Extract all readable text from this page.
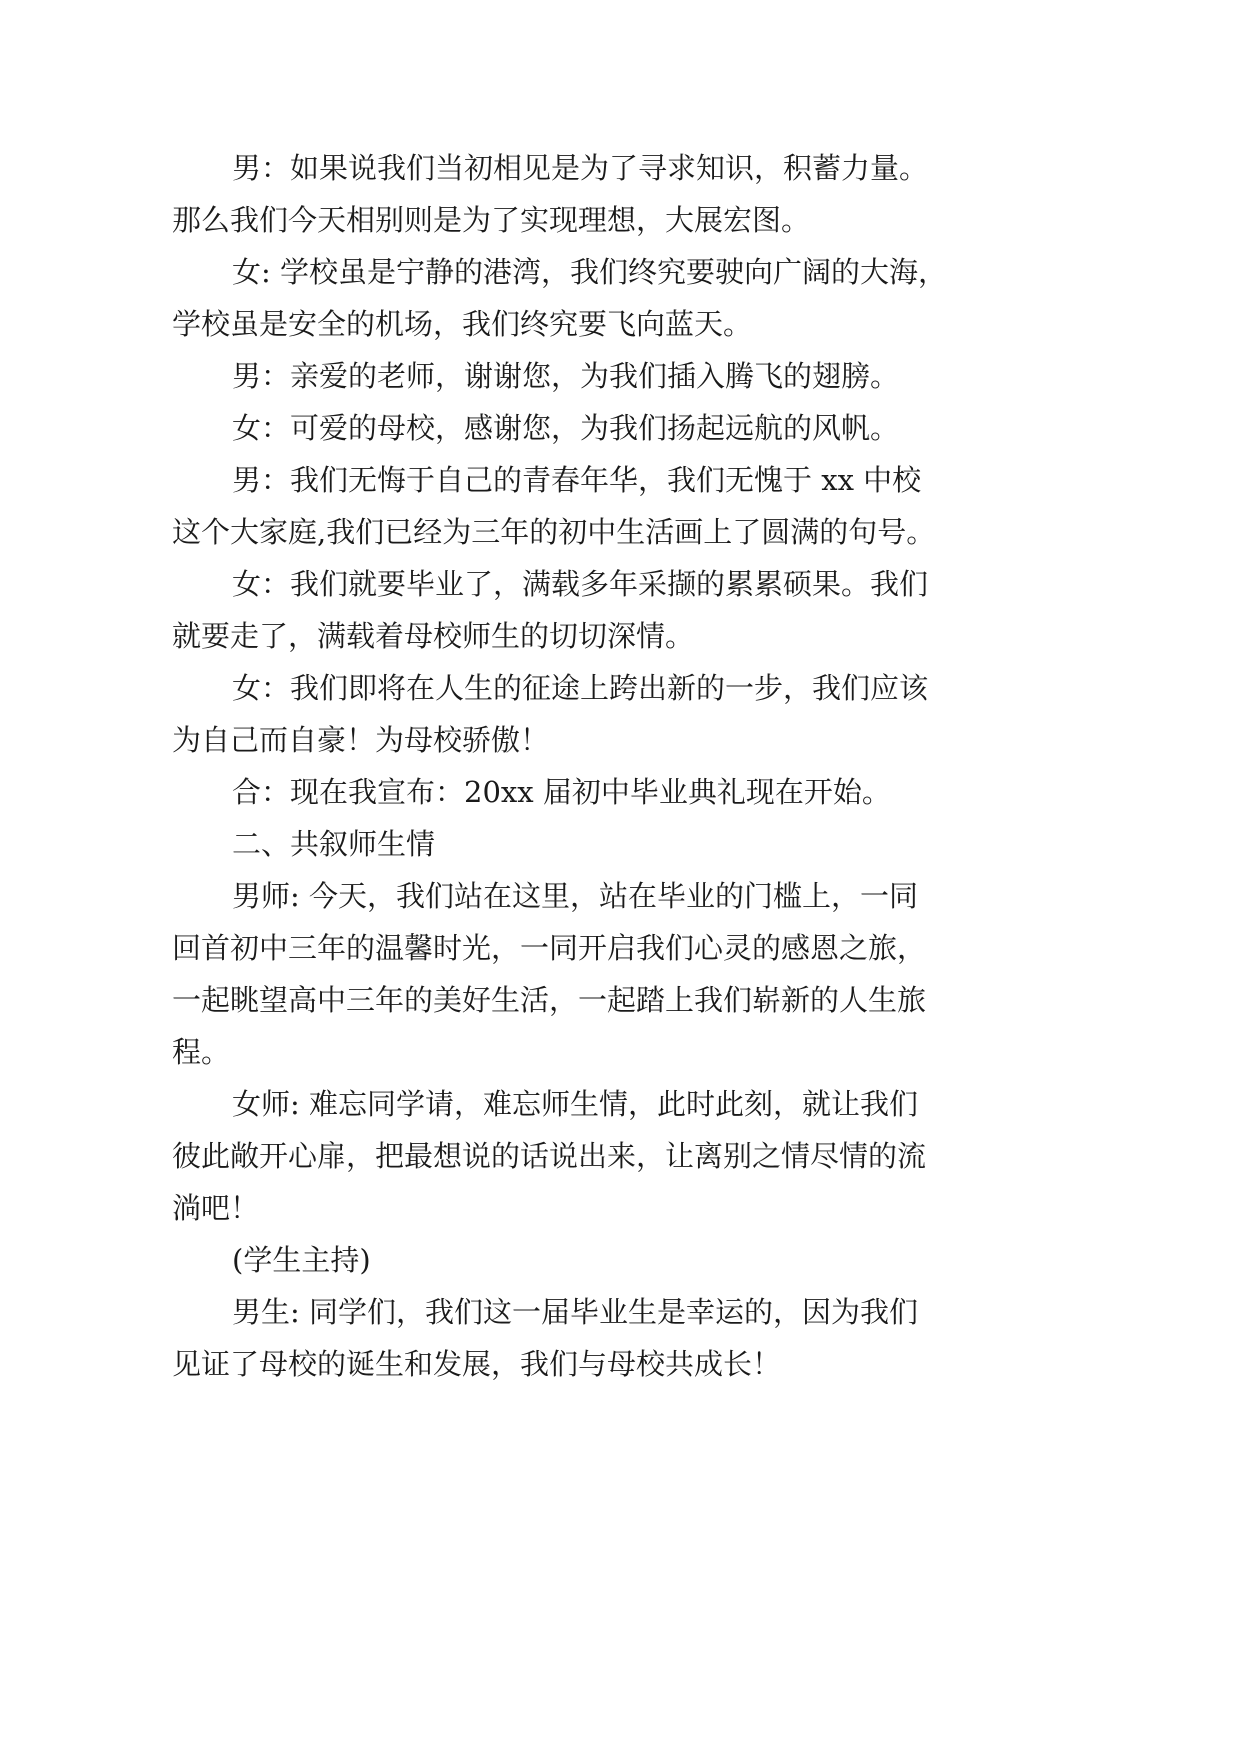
男：如果说我们当初相见是为了寻求知识，积蓄力量。
那么我们今天相别则是为了实现理想，大展宏图。
女: 学校虽是宁静的港湾，我们终究要驶向广阔的大海，
学校虽是安全的机场，我们终究要飞向蓝天。
男：亲爱的老师，谢谢您，为我们插入腾飞的翅膀。
女：可爱的母校，感谢您，为我们扬起远航的风帆。
男：我们无悔于自己的青春年华，我们无愧于 xx 中校
这个大家庭,我们已经为三年的初中生活画上了圆满的句号。
女：我们就要毕业了，满载多年采撷的累累硕果。我们
就要走了，满载着母校师生的切切深情。
女：我们即将在人生的征途上跨出新的一步，我们应该
为自己而自豪！为母校骄傲！
合：现在我宣布：20xx 届初中毕业典礼现在开始。
二、共叙师生情
男师: 今天，我们站在这里，站在毕业的门槛上，一同
回首初中三年的温馨时光，一同开启我们心灵的感恩之旅，
一起眺望高中三年的美好生活，一起踏上我们崭新的人生旅
程。
女师: 难忘同学请，难忘师生情，此时此刻，就让我们
彼此敞开心扉，把最想说的话说出来，让离别之情尽情的流
淌吧！
(学生主持)
男生: 同学们，我们这一届毕业生是幸运的，因为我们
见证了母校的诞生和发展，我们与母校共成长！
